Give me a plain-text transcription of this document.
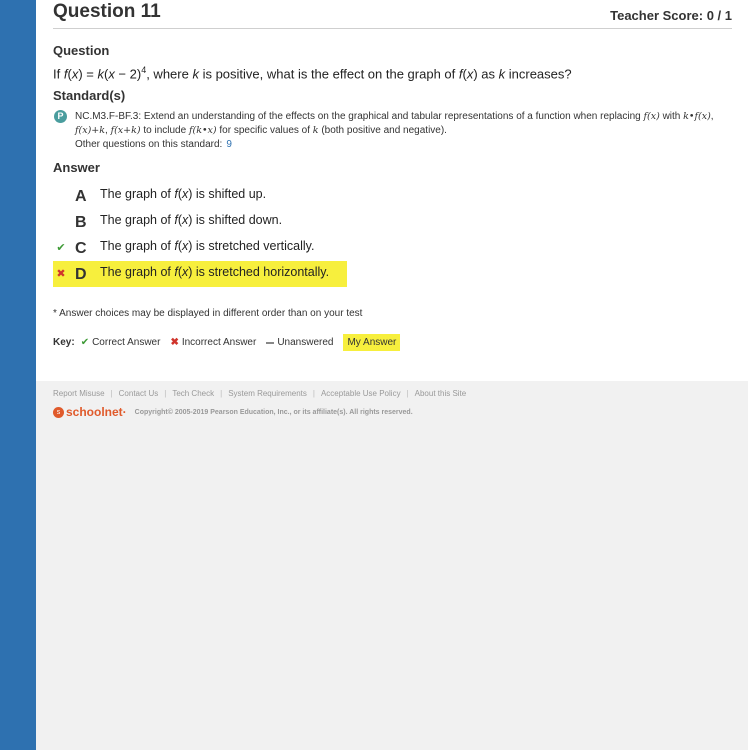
Question 11	Teacher Score: 0 / 1
Question
If $f(x) = k(x - 2)^4$, where k is positive, what is the effect on the graph of f(x) as k increases?
Standard(s)
P	NC.M3.F-BF.3: Extend an understanding of the effects on the graphical and tabular representations of a function when replacing f(x) with k•f(x),
f(x)+k, f(x+k) to include f(k•x) for specific values of k (both positive and negative).
Other questions on this standard: 9
Answer
A The graph of f(x) is shifted up.
B The graph of f(x) is shifted down.
✔ C The graph of f(x) is stretched vertically.
✖ D The graph of f(x) is stretched horizontally.
* Answer choices may be displayed in different order than on your test
Key: ✔ Correct Answer ✖ Incorrect Answer Unanswered	My Answer
Report Misuse | Contact Us | Tech Check | System Requirements | Acceptable Use Policy | About this Site
s schoolnet· Copyright© 2005-2019 Pearson Education, Inc., or its affiliate(s). All rights reserved.
